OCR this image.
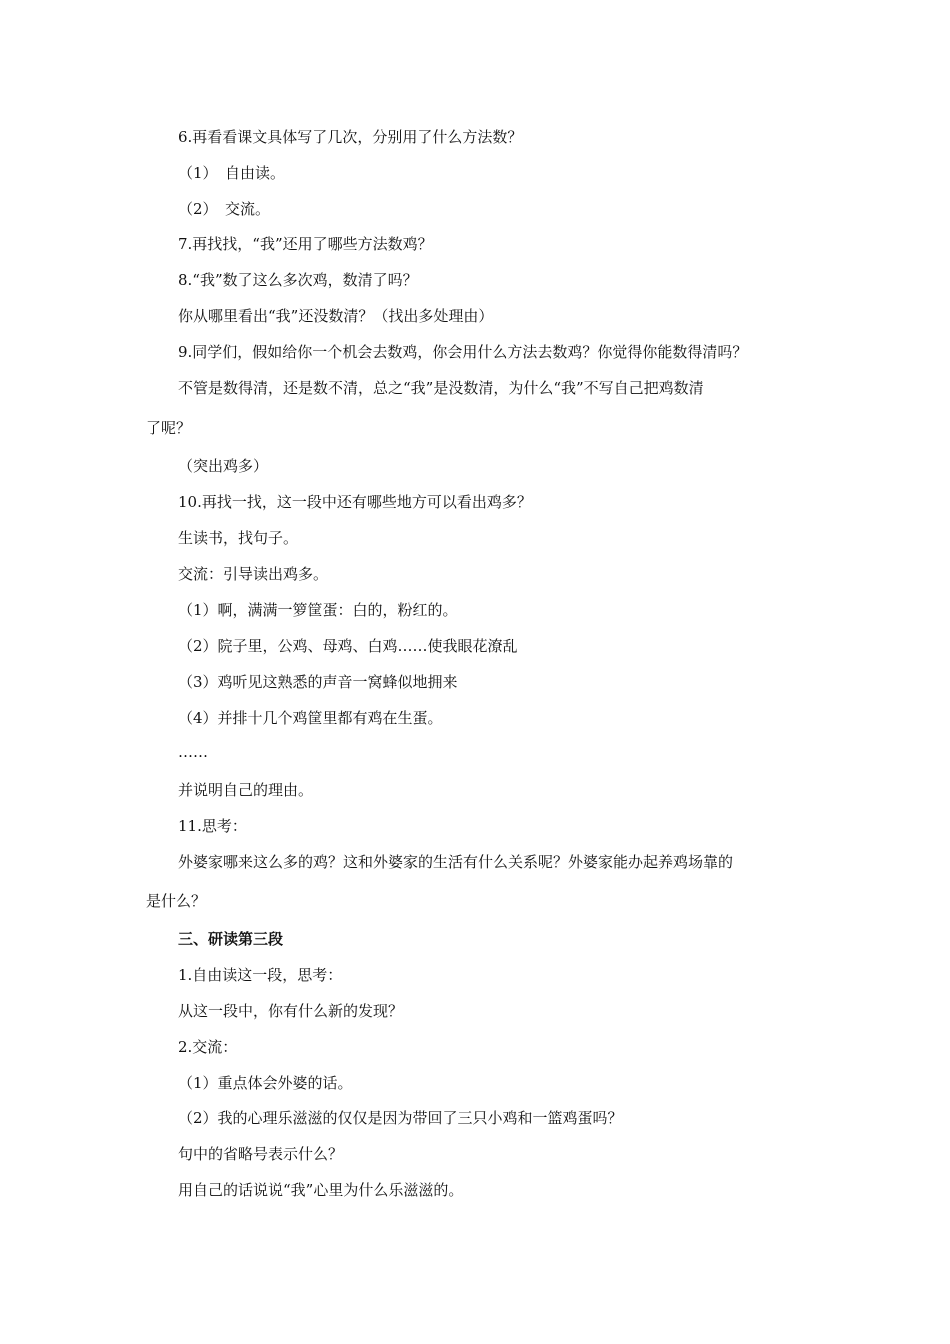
6.再看看课文具体写了几次，分别用了什么方法数？
（1）　自由读。
（2）　交流。
7.再找找，“我”还用了哪些方法数鸡？
8.“我”数了这么多次鸡，数清了吗？
你从哪里看出“我”还没数清？（找出多处理由）
9.同学们，假如给你一个机会去数鸡，你会用什么方法去数鸡？你觉得你能数得清吗？
不管是数得清，还是数不清，总之“我”是没数清，为什么“我”不写自己把鸡数清
了呢？
（突出鸡多）
10.再找一找，这一段中还有哪些地方可以看出鸡多？
生读书，找句子。
交流：引导读出鸡多。
（1）啊，满满一箩筐蛋：白的，粉红的。
（2）院子里，公鸡、母鸡、白鸡……使我眼花潦乱
（3）鸡听见这熟悉的声音一窝蜂似地拥来
（4）并排十几个鸡筐里都有鸡在生蛋。
……
并说明自己的理由。
11.思考：
外婆家哪来这么多的鸡？这和外婆家的生活有什么关系呢？外婆家能办起养鸡场靠的
是什么？
三、研读第三段
1.自由读这一段，思考：
从这一段中，你有什么新的发现？
2.交流：
（1）重点体会外婆的话。
（2）我的心理乐滋滋的仅仅是因为带回了三只小鸡和一篮鸡蛋吗？
句中的省略号表示什么？
用自己的话说说“我”心里为什么乐滋滋的。
